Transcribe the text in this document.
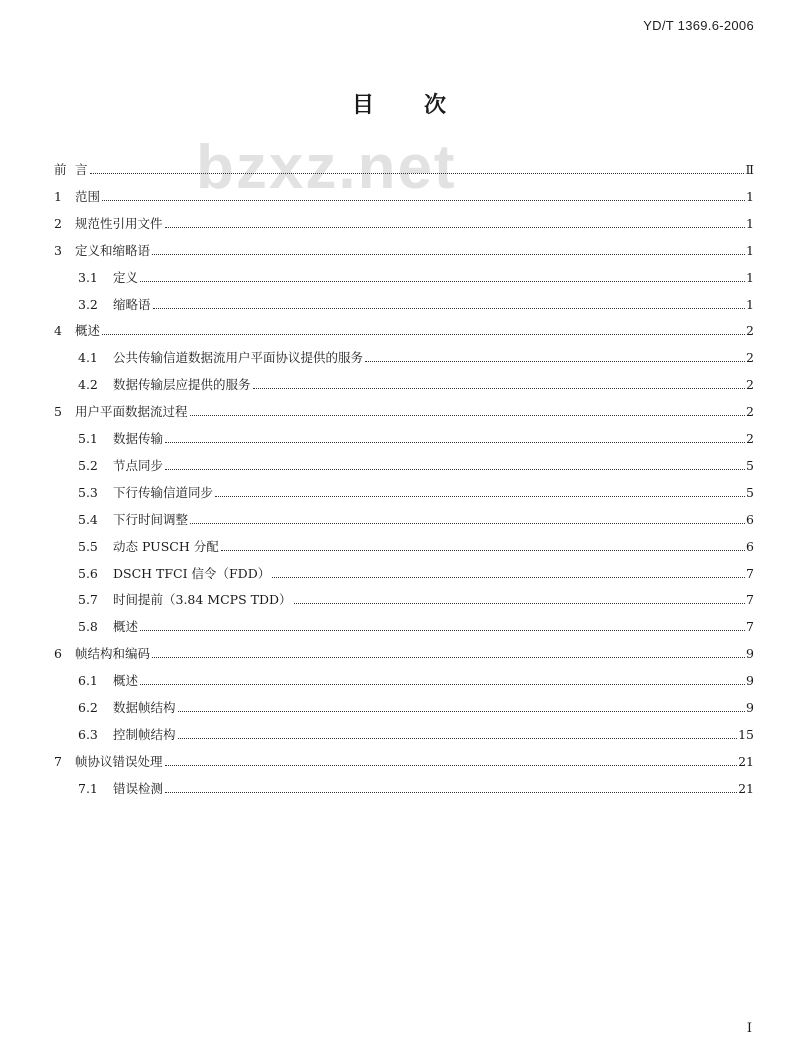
YD/T 1369.6-2006
目 次
bzxz.net
前 言	Ⅱ
1 范围	1
2 规范性引用文件	1
3 定义和缩略语	1
3.1 定义	1
3.2 缩略语	1
4 概述	2
4.1 公共传输信道数据流用户平面协议提供的服务	2
4.2 数据传输层应提供的服务	2
5 用户平面数据流过程	2
5.1 数据传输	2
5.2 节点同步	5
5.3 下行传输信道同步	5
5.4 下行时间调整	6
5.5 动态 PUSCH 分配	6
5.6 DSCH TFCI 信令（FDD）	7
5.7 时间提前（3.84 MCPS TDD）	7
5.8 概述	7
6 帧结构和编码	9
6.1 概述	9
6.2 数据帧结构	9
6.3 控制帧结构	15
7 帧协议错误处理	21
7.1 错误检测	21
I
